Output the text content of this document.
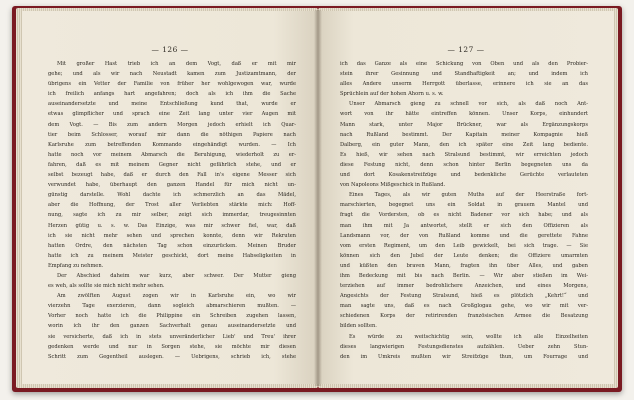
— 126 —
Mit großer Hast trieb ich an dem Vogt, daß er mit mir
gehe; und als wir nach Neustadt kamen zum Justizamtmann, der
übrigens ein Vetter der Familie von früher her wohlgewogen war, wurde
ich freilich anfangs hart angefahren; doch als ich ihm die Sache
auseinandersetzte und meine Entschließung kund that, wurde er
etwas glimpflicher und sprach eine Zeit lang unter vier Augen mit
dem Vogt. — Bis zum andern Morgen jedoch erhielt ich Quar-
tier beim Schlosser, worauf mir dann die nöthigen Papiere nach
Karlsruhe zum betreffenden Kommando eingehändigt wurden. — Ich
hatte noch vor meinem Abmarsch die Beruhigung, wiederholt zu er-
fahren, daß es mit meinem Gegner nicht gefährlich stehe, und er
selbst bezeugt habe, daß er durch den Fall in's eigene Messer sich
verwundet habe, überhaupt den ganzen Handel für mich nicht un-
günstig darstelle. Wohl dachte ich schmerzlich an das Mädel,
aber die Hoffnung, der Trost aller Verliebten stärkte mich: Hoff-
nung, sagte ich zu mir selber, zeigt sich immerdar, treugesinnten
Herzen gütig u. s. w. Das Einzige, was mir schwer fiel, war, daß
ich sie nicht mehr sehen und sprechen konnte, denn wir Rekruten
hatten Ordre, den nächsten Tag schon einzurücken. Meinen Bruder
hatte ich zu meinem Meister geschickt, dort meine Habseligkeiten in
Empfang zu nehmen.
Der Abschied daheim war kurz, aber schwer. Der Mutter gieng
es weh, als sollte sie mich nicht mehr sehen.
Am zwölften August zogen wir in Karlsruhe ein, wo wir
vierzehn Tage exerzieren, dann sogleich abmarschieren mußten. —
Vorher noch hatte ich die Philippine ein Schreiben zugehen lassen,
worin ich ihr den ganzen Sachverhalt genau auseinandersetzte und
sie versicherte, daß ich in stets unveränderlicher Lieb' und Treu' ihrer
gedenken werde und nur in Sorgen stehe, sie möchte mir diesen
Schritt zum Gegentheil auslegen. — Uebrigens, schrieb ich, stehe
— 127 —
ich das Ganze als eine Schickung von Oben und als den Probier-
stein ihrer Gesinnung und Standhaftigkeit an; und indem ich
alles Andere unserm Herrgott überlasse, erinnere ich sie an das
Sprüchlein auf der hohen Ahorn u. s. w.
Unser Abmarsch gieng zu schnell vor sich, als daß noch Ant-
wort von ihr hätte eintreffen können. Unser Korps, einhundert
Mann stark, unter Major Brückner, war als Ergänzungskorps
nach Rußland bestimmt. Der Kapitain meiner Kompagnie hieß
Dalberg, ein guter Mann, den ich später eine Zeit lang bediente.
Es hieß, wir sehen nach Stralsund bestimmt, wir erreichten jedoch
diese Festung nicht, denn schon hinter Berlin begegneten uns da
und dort Kosakenstreifzüge und bedenkliche Gerüchte verlauteten
von Napoleons Mißgeschick in Rußland.
Eines Tages, als wir guten Muths auf der Heerstraße fort-
marschierten, begegnet uns ein Soldat in grauem Mantel und
fragt die Vordersten, ob es nicht Badener vor sich habe; und als
man ihm mit Ja antwortet, stellt er sich den Offizieren als
Landsmann vor, der von Rußland komme und die gerettete Fahne
vom ersten Regiment, um den Leib gewickelt, bei sich trage. — Sie
können sich den Jubel der Leute denken; die Offiziere umarmten
und küßten den braven Mann, fragten ihn über Alles, und gaben
ihm Bedeckung mit bis nach Berlin. — Wir aber stießen im Wei-
terziehen auf immer bedrohlichere Anzeichen, und eines Morgens,
Angesichts der Festung Stralsund, hieß es plötzlich „Kehrt!“ und
man sagte uns, daß es nach Großglogau gehe, wo wir mit ver-
schiedenen Korps der retirirenden französischen Armee die Besatzung
bilden sollten.
Es würde zu weitschichtig sein, wollte ich alle Einzelheiten
dieses langwierigen Festungsdienstes aufzählen. Ueber zehn Stun-
den im Umkreis mußten wir Streifzüge thun, um Fourrage und
